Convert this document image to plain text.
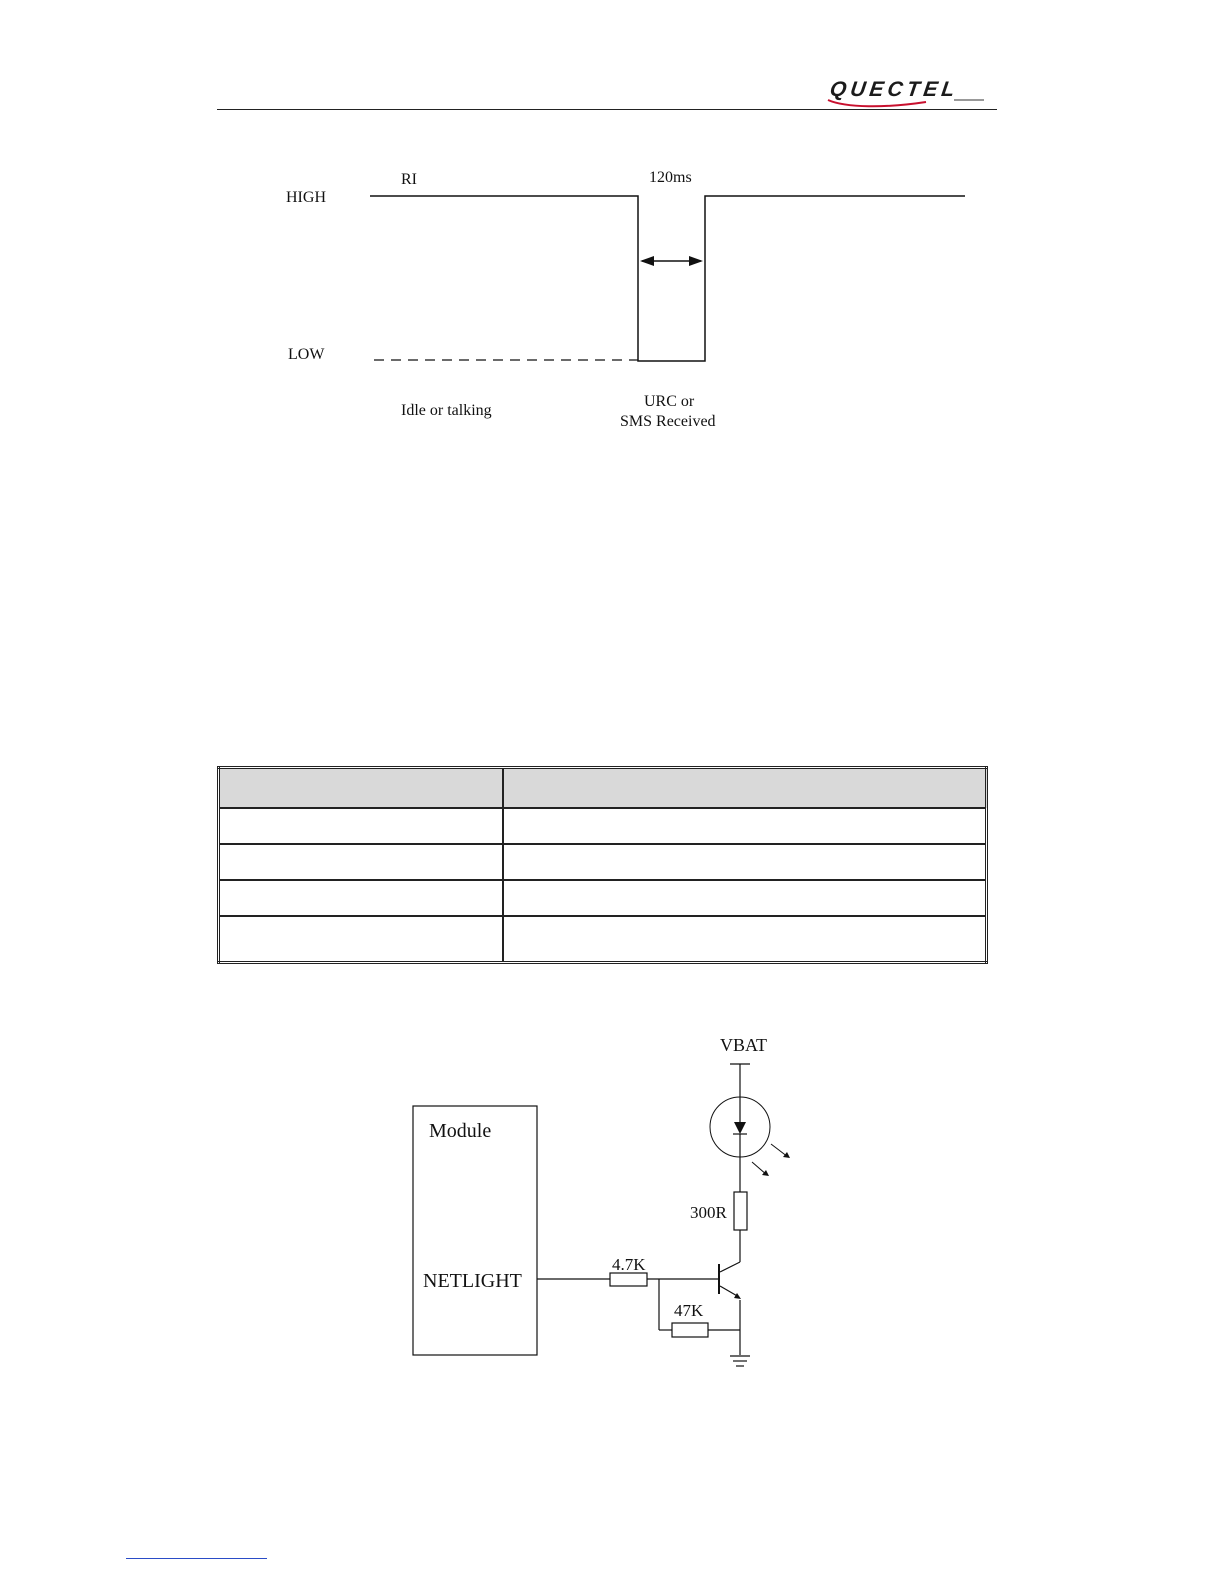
QUECTEL
HIGH
RI	120ms
LOW
Idle or talking
URC or
SMS Received

Module
NETLIGHT
VBAT
300R
4.7K
47K
